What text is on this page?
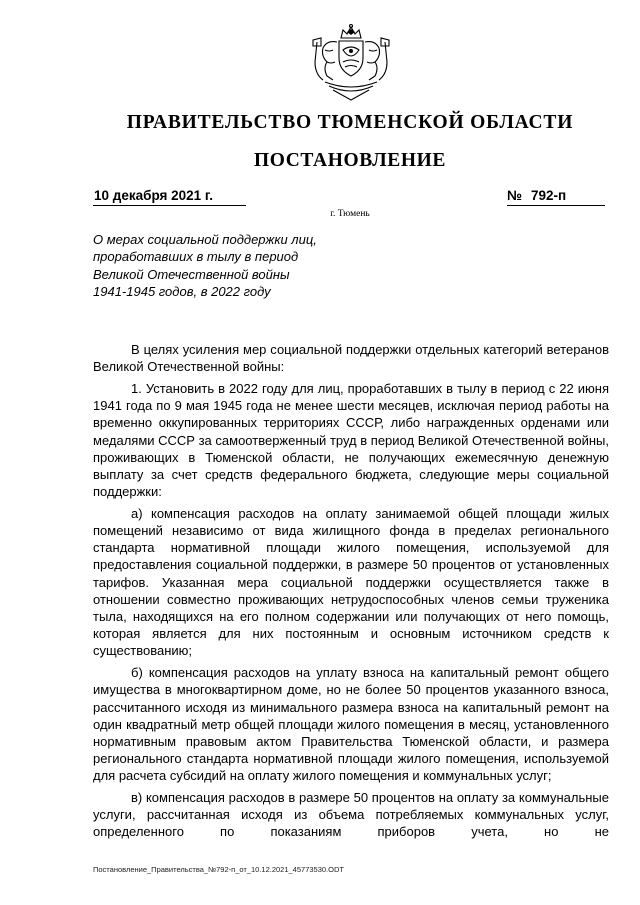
ПРАВИТЕЛЬСТВО ТЮМЕНСКОЙ ОБЛАСТИ
ПОСТАНОВЛЕНИЕ
10 декабря 2021 г.	№ 792-п
г. Тюмень
О мерах социальной поддержки лиц,
проработавших в тылу в период
Великой Отечественной войны
1941-1945 годов, в 2022 году

В целях усиления мер социальной поддержки отдельных категорий ветеранов Великой Отечественной войны:

1. Установить в 2022 году для лиц, проработавших в тылу в период с 22 июня 1941 года по 9 мая 1945 года не менее шести месяцев, исключая период работы на временно оккупированных территориях СССР, либо награжденных орденами или медалями СССР за самоотверженный труд в период Великой Отечественной войны, проживающих в Тюменской области, не получающих ежемесячную денежную выплату за счет средств федерального бюджета, следующие меры социальной поддержки:

а) компенсация расходов на оплату занимаемой общей площади жилых помещений независимо от вида жилищного фонда в пределах регионального стандарта нормативной площади жилого помещения, используемой для предоставления социальной поддержки, в размере 50 процентов от установленных тарифов. Указанная мера социальной поддержки осуществляется также в отношении совместно проживающих нетрудоспособных членов семьи труженика тыла, находящихся на его полном содержании или получающих от него помощь, которая является для них постоянным и основным источником средств к существованию;

б) компенсация расходов на уплату взноса на капитальный ремонт общего имущества в многоквартирном доме, но не более 50 процентов указанного взноса, рассчитанного исходя из минимального размера взноса на капитальный ремонт на один квадратный метр общей площади жилого помещения в месяц, установленного нормативным правовым актом Правительства Тюменской области, и размера регионального стандарта нормативной площади жилого помещения, используемой для расчета субсидий на оплату жилого помещения и коммунальных услуг;

в) компенсация расходов в размере 50 процентов на оплату за коммунальные услуги, рассчитанная исходя из объема потребляемых коммунальных услуг, определенного по показаниям приборов учета, но не

Постановление_Правительства_№792-п_от_10.12.2021_45773530.ODT
